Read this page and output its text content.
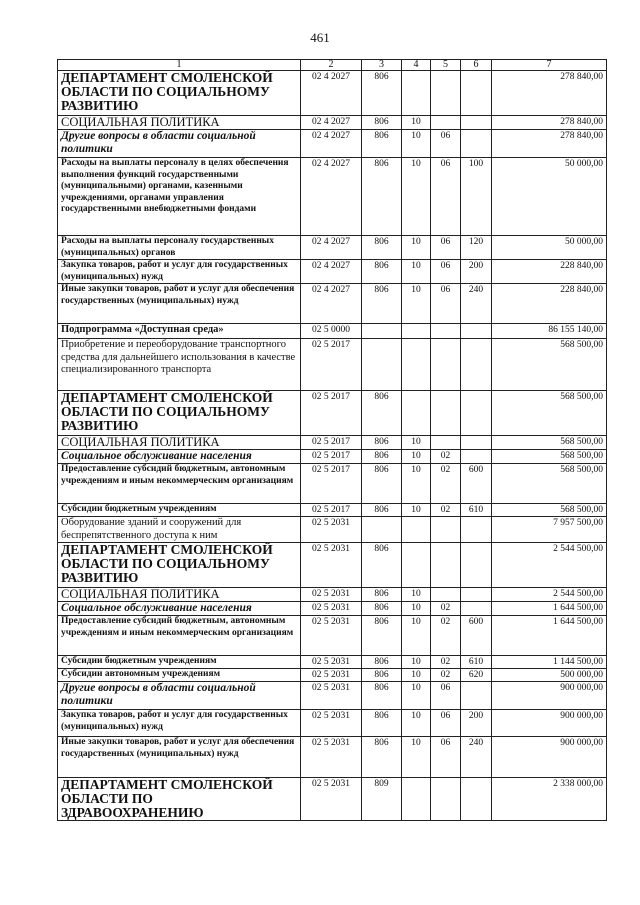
461
1	2	3	4	5	6	7
ДЕПАРТАМЕНТ СМОЛЕНСКОЙ ОБЛАСТИ ПО СОЦИАЛЬНОМУ РАЗВИТИЮ	02 4 2027	806				278 840,00
СОЦИАЛЬНАЯ ПОЛИТИКА	02 4 2027	806	10			278 840,00
Другие вопросы в области социальной политики	02 4 2027	806	10	06		278 840,00
Расходы на выплаты персоналу в целях обеспечения выполнения функций государственными (муниципальными) органами, казенными учреждениями, органами управления государственными внебюджетными фондами	02 4 2027	806	10	06	100	50 000,00
Расходы на выплаты персоналу государственных (муниципальных) органов	02 4 2027	806	10	06	120	50 000,00
Закупка товаров, работ и услуг для государственных (муниципальных) нужд	02 4 2027	806	10	06	200	228 840,00
Иные закупки товаров, работ и услуг для обеспечения государственных (муниципальных) нужд	02 4 2027	806	10	06	240	228 840,00
Подпрограмма «Доступная среда»	02 5 0000					86 155 140,00
Приобретение и переоборудование транспортного средства для дальнейшего использования в качестве специализированного транспорта	02 5 2017					568 500,00
ДЕПАРТАМЕНТ СМОЛЕНСКОЙ ОБЛАСТИ ПО СОЦИАЛЬНОМУ РАЗВИТИЮ	02 5 2017	806				568 500,00
СОЦИАЛЬНАЯ ПОЛИТИКА	02 5 2017	806	10			568 500,00
Социальное обслуживание населения	02 5 2017	806	10	02		568 500,00
Предоставление субсидий бюджетным, автономным учреждениям и иным некоммерческим организациям	02 5 2017	806	10	02	600	568 500,00
Субсидии бюджетным учреждениям	02 5 2017	806	10	02	610	568 500,00
Оборудование зданий и сооружений для беспрепятственного доступа к ним	02 5 2031					7 957 500,00
ДЕПАРТАМЕНТ СМОЛЕНСКОЙ ОБЛАСТИ ПО СОЦИАЛЬНОМУ РАЗВИТИЮ	02 5 2031	806				2 544 500,00
СОЦИАЛЬНАЯ ПОЛИТИКА	02 5 2031	806	10			2 544 500,00
Социальное обслуживание населения	02 5 2031	806	10	02		1 644 500,00
Предоставление субсидий бюджетным, автономным учреждениям и иным некоммерческим организациям	02 5 2031	806	10	02	600	1 644 500,00
Субсидии бюджетным учреждениям	02 5 2031	806	10	02	610	1 144 500,00
Субсидии автономным учреждениям	02 5 2031	806	10	02	620	500 000,00
Другие вопросы в области социальной политики	02 5 2031	806	10	06		900 000,00
Закупка товаров, работ и услуг для государственных (муниципальных) нужд	02 5 2031	806	10	06	200	900 000,00
Иные закупки товаров, работ и услуг для обеспечения государственных (муниципальных) нужд	02 5 2031	806	10	06	240	900 000,00
ДЕПАРТАМЕНТ СМОЛЕНСКОЙ ОБЛАСТИ ПО ЗДРАВООХРАНЕНИЮ	02 5 2031	809				2 338 000,00
